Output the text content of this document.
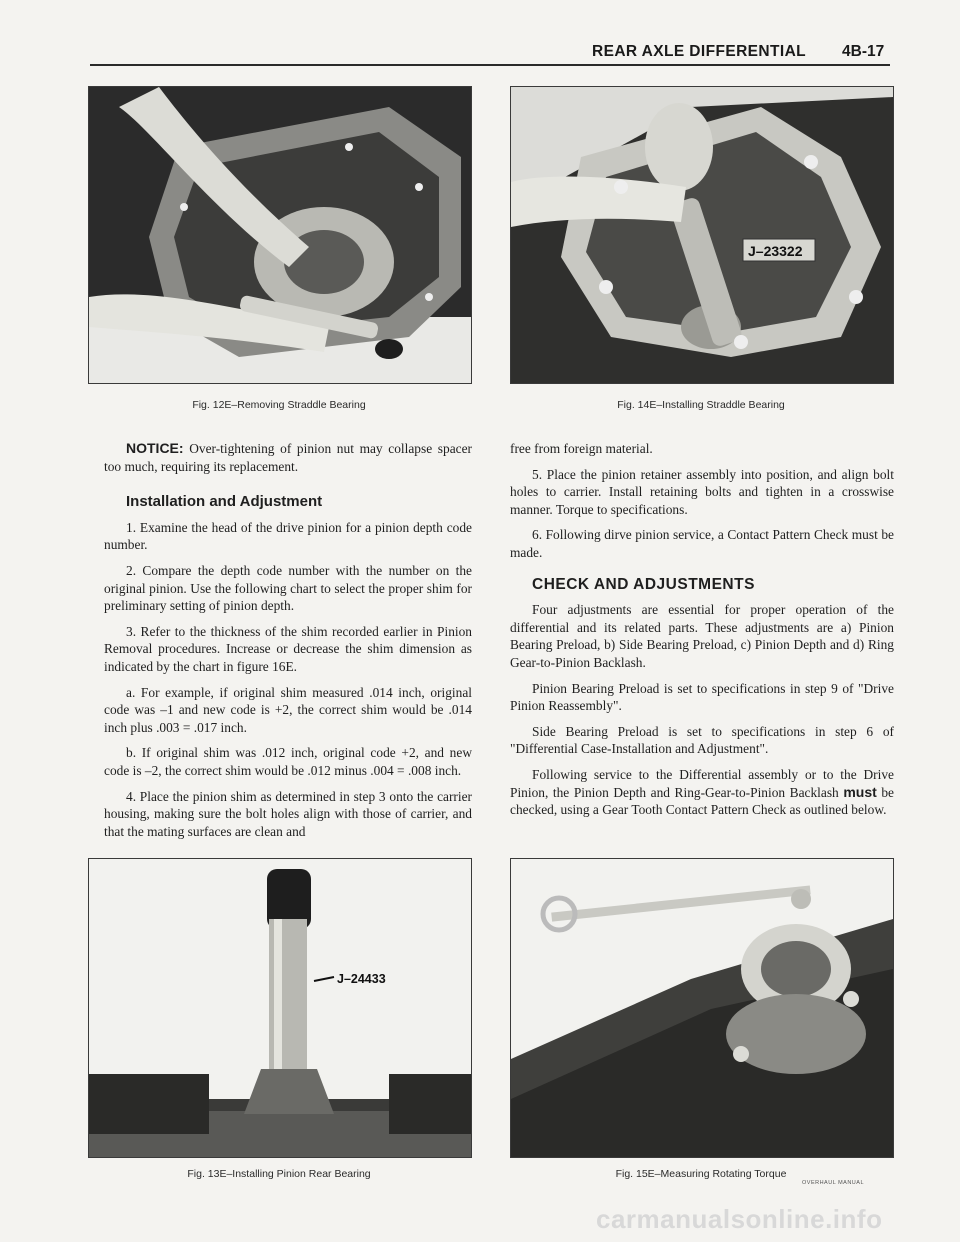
REAR AXLE DIFFERENTIAL 4B-17
Fig. 12E–Removing Straddle Bearing
J–23322
Fig. 14E–Installing Straddle Bearing

NOTICE: Over-tightening of pinion nut may collapse spacer too much, requiring its replacement.

Installation and Adjustment

1. Examine the head of the drive pinion for a pinion depth code number.

2. Compare the depth code number with the number on the original pinion. Use the following chart to select the proper shim for preliminary setting of pinion depth.

3. Refer to the thickness of the shim recorded earlier in Pinion Removal procedures. Increase or decrease the shim dimension as indicated by the chart in figure 16E.

a. For example, if original shim measured .014 inch, original code was –1 and new code is +2, the correct shim would be .014 inch plus .003 = .017 inch.

b. If original shim was .012 inch, original code +2, and new code is –2, the correct shim would be .012 minus .004 = .008 inch.

4. Place the pinion shim as determined in step 3 onto the carrier housing, making sure the bolt holes align with those of carrier, and that the mating surfaces are clean and

free from foreign material.

5. Place the pinion retainer assembly into position, and align bolt holes to carrier. Install retaining bolts and tighten in a crosswise manner. Torque to specifications.

6. Following dirve pinion service, a Contact Pattern Check must be made.

CHECK AND ADJUSTMENTS

Four adjustments are essential for proper operation of the differential and its related parts. These adjustments are a) Pinion Bearing Preload, b) Side Bearing Preload, c) Pinion Depth and d) Ring Gear-to-Pinion Backlash.

Pinion Bearing Preload is set to specifications in step 9 of "Drive Pinion Reassembly".

Side Bearing Preload is set to specifications in step 6 of "Differential Case-Installation and Adjustment".

Following service to the Differential assembly or to the Drive Pinion, the Pinion Depth and Ring-Gear-to-Pinion Backlash must be checked, using a Gear Tooth Contact Pattern Check as outlined below.

J–24433
Fig. 13E–Installing Pinion Rear Bearing	Fig. 15E–Measuring Rotating Torque
OVERHAUL MANUAL
carmanualsonline.info
